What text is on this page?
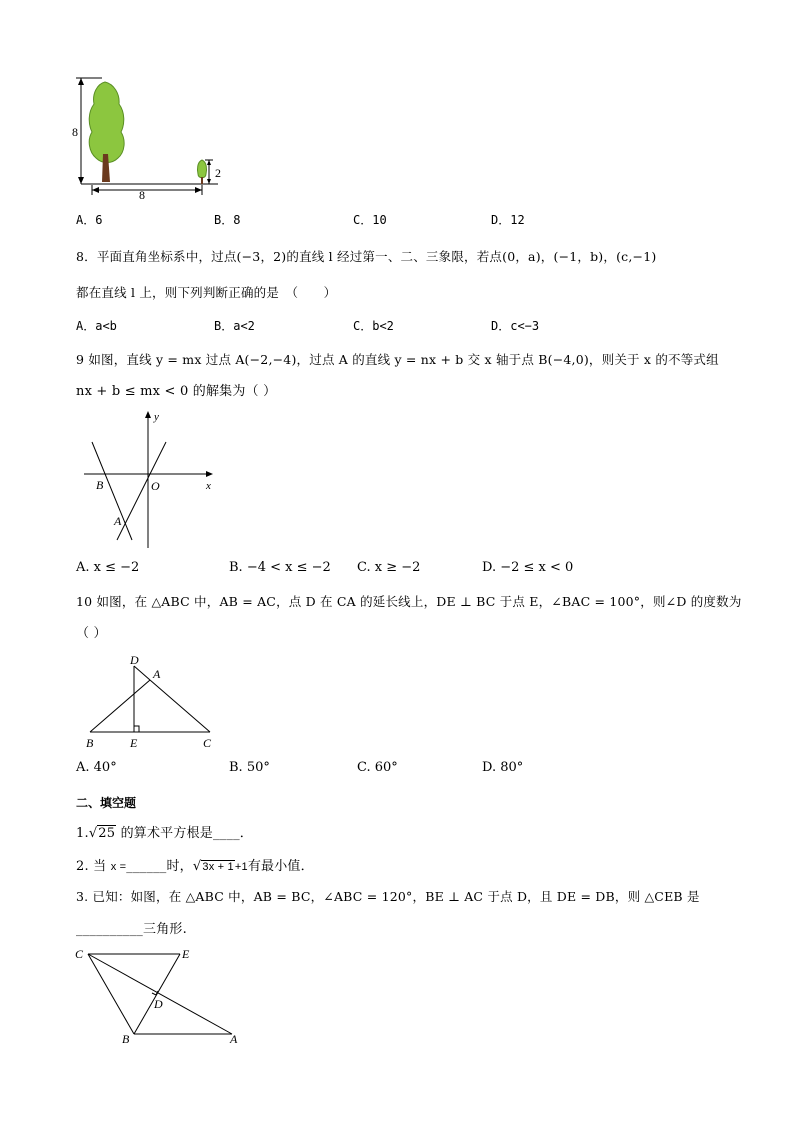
8
8
2
A．6	B．8	C．10	D．12
8．平面直角坐标系中，过点(−3，2)的直线 l 经过第一、二、三象限，若点(0，a)，(−1，b)，(c,−1)
都在直线 l 上，则下列判断正确的是　（　　）
A．a<b	B．a<2	C．b<2	D．c<−3
9 如图，直线 y = mx 过点 A(−2,−4)，过点 A 的直线 y = nx + b 交 x 轴于点 B(−4,0)，则关于 x 的不等式组
nx + b ≤ mx < 0 的解集为（ ）
y
x
B	O
A
A. x ≤ −2	B. −4 < x ≤ −2 C. x ≥ −2	D. −2 ≤ x < 0
10 如图，在 △ABC 中，AB = AC，点 D 在 CA 的延长线上，DE ⊥ BC 于点 E，∠BAC = 100°，则∠D 的度数为
（ ）
D
A
B	E	C
A. 40°	B. 50°	C. 60°	D. 80°
二、填空题
1.√25 的算术平方根是____．
2. 当 x =______时，√3x + 1+1有最小值．
3. 已知：如图，在 △ABC 中，AB = BC，∠ABC = 120°，BE ⊥ AC 于点 D，且 DE = DB，则 △CEB 是
__________三角形.
C	E
D
B	A
